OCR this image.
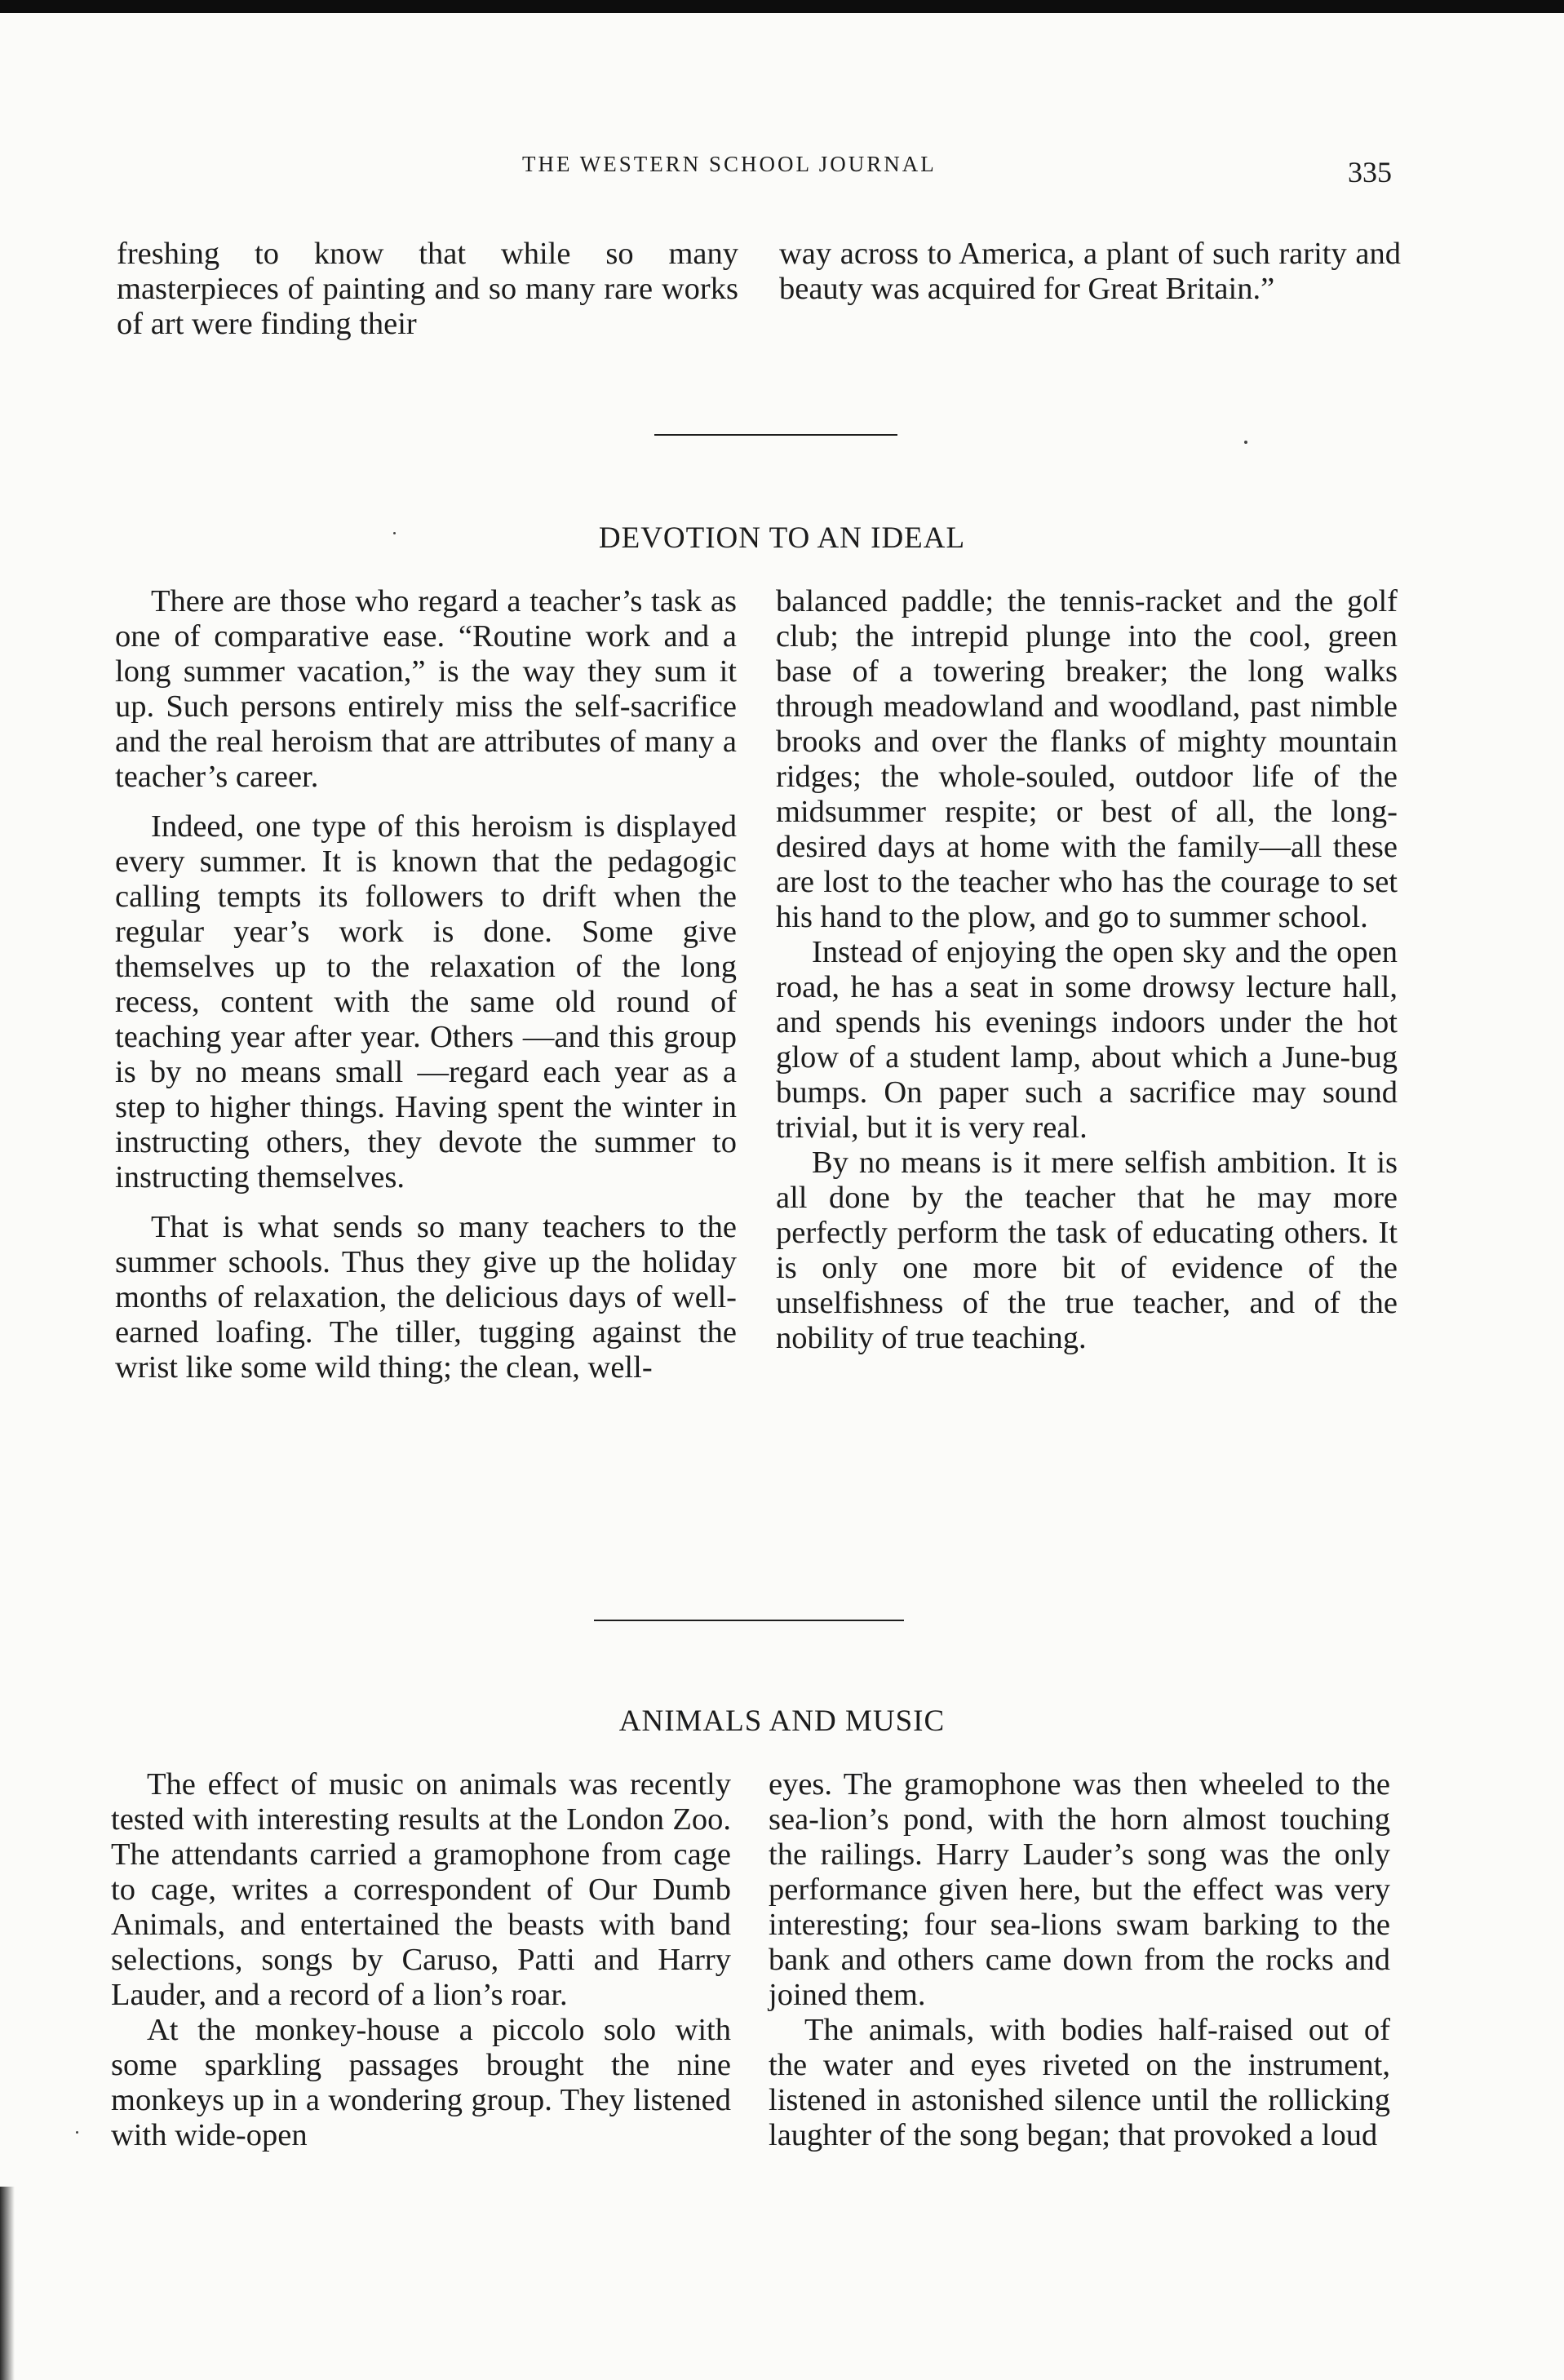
THE WESTERN SCHOOL JOURNAL	335

freshing to know that while so many masterpieces of painting and so many rare works of art were finding their

way across to America, a plant of such rarity and beauty was acquired for Great Britain.”

DEVOTION TO AN IDEAL

There are those who regard a teacher’s task as one of comparative ease. “Routine work and a long summer vacation,” is the way they sum it up. Such persons entirely miss the self-sacrifice and the real heroism that are attributes of many a teacher’s career.

Indeed, one type of this heroism is displayed every summer. It is known that the pedagogic calling tempts its followers to drift when the regular year’s work is done. Some give themselves up to the relaxation of the long recess, content with the same old round of teaching year after year. Others —and this group is by no means small —regard each year as a step to higher things. Having spent the winter in instructing others, they devote the summer to instructing themselves.

That is what sends so many teachers to the summer schools. Thus they give up the holiday months of relaxation, the delicious days of well-earned loafing. The tiller, tugging against the wrist like some wild thing; the clean, well-

balanced paddle; the tennis-racket and the golf club; the intrepid plunge into the cool, green base of a towering breaker; the long walks through meadowland and woodland, past nimble brooks and over the flanks of mighty mountain ridges; the whole-souled, outdoor life of the midsummer respite; or best of all, the long-desired days at home with the family—all these are lost to the teacher who has the courage to set his hand to the plow, and go to summer school.

Instead of enjoying the open sky and the open road, he has a seat in some drowsy lecture hall, and spends his evenings indoors under the hot glow of a student lamp, about which a June-bug bumps. On paper such a sacrifice may sound trivial, but it is very real.

By no means is it mere selfish ambition. It is all done by the teacher that he may more perfectly perform the task of educating others. It is only one more bit of evidence of the unselfishness of the true teacher, and of the nobility of true teaching.

ANIMALS AND MUSIC

The effect of music on animals was recently tested with interesting results at the London Zoo. The attendants carried a gramophone from cage to cage, writes a correspondent of Our Dumb Animals, and entertained the beasts with band selections, songs by Caruso, Patti and Harry Lauder, and a record of a lion’s roar.

At the monkey-house a piccolo solo with some sparkling passages brought the nine monkeys up in a wondering group. They listened with wide-open

eyes. The gramophone was then wheeled to the sea-lion’s pond, with the horn almost touching the railings. Harry Lauder’s song was the only performance given here, but the effect was very interesting; four sea-lions swam barking to the bank and others came down from the rocks and joined them.

The animals, with bodies half-raised out of the water and eyes riveted on the instrument, listened in astonished silence until the rollicking laughter of the song began; that provoked a loud
